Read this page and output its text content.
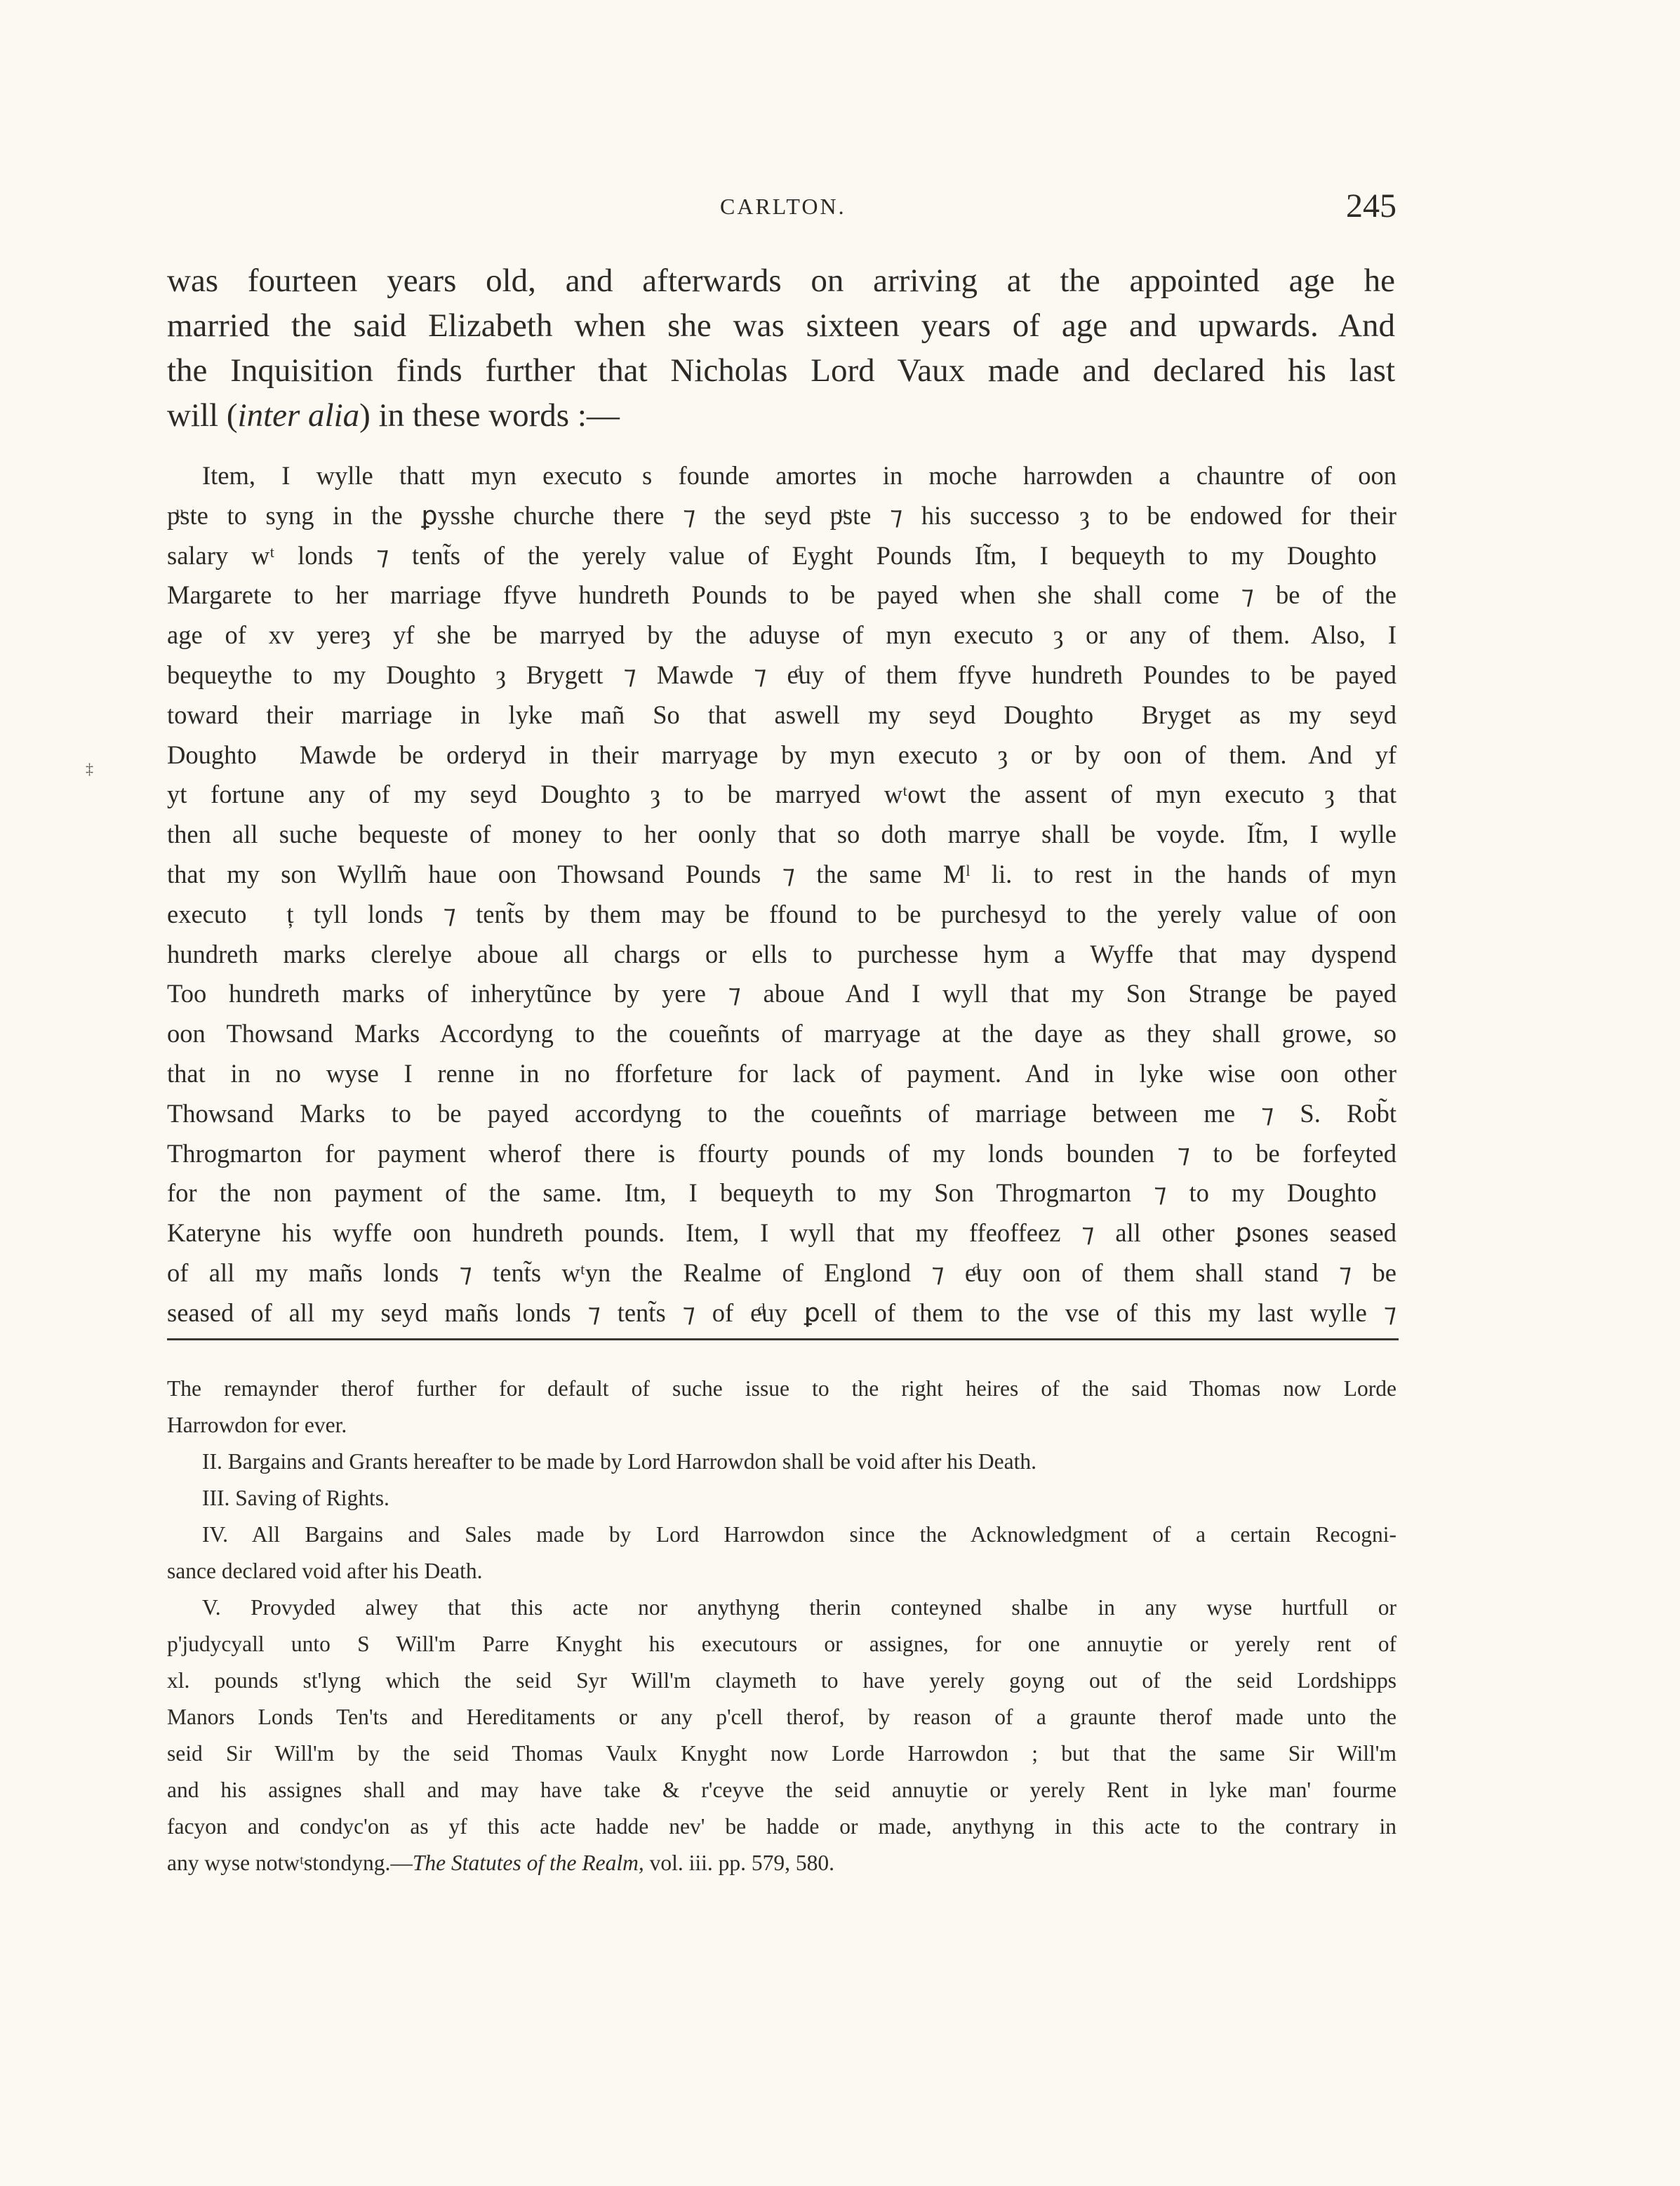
CARLTON.	245
was fourteen years old, and afterwards on arriving at the appointed age he
married the said Elizabeth when she was sixteen years of age and upwards. And
the Inquisition finds further that Nicholas Lord Vaux made and declared his last
will (inter alia) in these words :—
Item, I wylle thatt myn executo᷑s founde amortes in moche harrowden a chauntre of oon
pͧste to syng in the ꝑysshe churche there ⁊ the seyd pͧste ⁊ his successo᷑ȝ to be endowed for their
salary wᵗ londs ⁊ tent̃s of the yerely value of Eyght Pounds It̃m, I bequeyth to my Doughto᷑
Margarete to her marriage ffyve hundreth Pounds to be payed when she shall come ⁊ be of the
age of xv yereȝ yf she be marryed by the aduyse of myn executo᷑ȝ or any of them. Also, I
bequeythe to my Doughto᷑ȝ Brygett ⁊ Mawde ⁊ eͩuy of them ffyve hundreth Poundes to be payed
toward their marriage in lyke mañ So that aswell my seyd Doughto᷑ Bryget as my seyd
Doughto᷑ Mawde be orderyd in their marryage by myn executo᷑ȝ or by oon of them. And yf
yt fortune any of my seyd Doughto᷑ȝ to be marryed wᵗowt the assent of myn executo᷑ȝ that
then all suche bequeste of money to her oonly that so doth marrye shall be voyde. It̃m, I wylle
that my son Wyllm̃ haue oon Thowsand Pounds ⁊ the same Mˡ li. to rest in the hands of myn
executo᷑ ț tyll londs ⁊ tent̃s by them may be ffound to be purchesyd to the yerely value of oon
hundreth marks clerelye aboue all chargs or ells to purchesse hym a Wyffe that may dyspend
Too hundreth marks of inherytũnce by yere ⁊ aboue And I wyll that my Son Strange be payed
oon Thowsand Marks Accordyng to the coueñnts of marryage at the daye as they shall growe, so
that in no wyse I renne in no fforfeture for lack of payment. And in lyke wise oon other
Thowsand Marks to be payed accordyng to the coueñnts of marriage between me ⁊ S. Rob̃t
Throgmarton for payment wherof there is ffourty pounds of my londs bounden ⁊ to be forfeyted
for the non payment of the same. Itm, I bequeyth to my Son Throgmarton ⁊ to my Doughto᷑
Kateryne his wyffe oon hundreth pounds. Item, I wyll that my ffeoffeez ⁊ all other ꝑsones seased
of all my mañs londs ⁊ tent̃s wᵗyn the Realme of Englond ⁊ eͩuy oon of them shall stand ⁊ be
seased of all my seyd mañs londs ⁊ tent̃s ⁊ of eͩuy ꝑcell of them to the vse of this my last wylle ⁊
‡
The remaynder therof further for default of suche issue to the right heires of the said Thomas now Lorde
Harrowdon for ever.
II. Bargains and Grants hereafter to be made by Lord Harrowdon shall be void after his Death.
III. Saving of Rights.
IV. All Bargains and Sales made by Lord Harrowdon since the Acknowledgment of a certain Recogni-
sance declared void after his Death.
V. Provyded alwey that this acte nor anythyng therin conteyned shalbe in any wyse hurtfull or
p'judycyall unto S Will'm Parre Knyght his executours or assignes, for one annuytie or yerely rent of
xl. pounds st'lyng which the seid Syr Will'm claymeth to have yerely goyng out of the seid Lordshipps
Manors Londs Ten'ts and Hereditaments or any p'cell therof, by reason of a graunte therof made unto the
seid Sir Will'm by the seid Thomas Vaulx Knyght now Lorde Harrowdon ; but that the same Sir Will'm
and his assignes shall and may have take & r'ceyve the seid annuytie or yerely Rent in lyke man' fourme
facyon and condyc'on as yf this acte hadde nev' be hadde or made, anythyng in this acte to the contrary in
any wyse notwᵗstondyng.—The Statutes of the Realm, vol. iii. pp. 579, 580.
